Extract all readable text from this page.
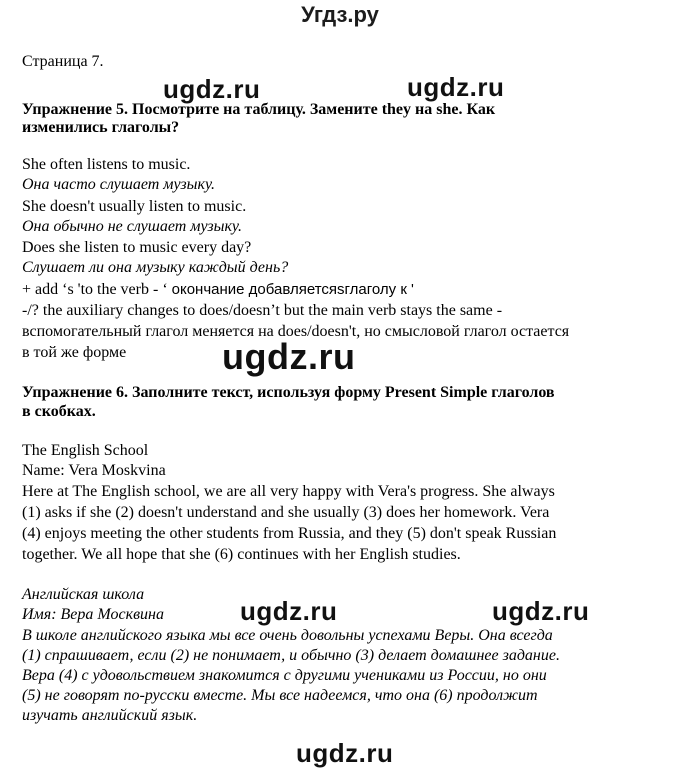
Угдз.ру
Страница 7.
ugdz.ru	ugdz.ru
Упражнение 5. Посмотрите на таблицу. Замените they на she. Как
изменились глаголы?
She often listens to music.
Она часто слушает музыку.
She doesn't usually listen to music.
Она обычно не слушает музыку.
Does she listen to music every day?
Слушает ли она музыку каждый день?
+ add ‘s 'to the verb - ‘ окончание добавляетсяsглаголу к '
-/? the auxiliary changes to does/doesn’t but the main verb stays the same -
вспомогательный глагол меняется на does/doesn't, но смысловой глагол остается
в той же форме	ugdz.ru
Упражнение 6. Заполните текст, используя форму Present Simple глаголов
в скобках.
The English School
Name: Vera Moskvina
Here at The English school, we are all very happy with Vera's progress. She always
(1) asks if she (2) doesn't understand and she usually (3) does her homework. Vera
(4) enjoys meeting the other students from Russia, and they (5) don't speak Russian
together. We all hope that she (6) continues with her English studies.
Английская школа
Имя: Вера Москвина
В школе английского языка мы все очень довольны успехами Веры. Она всегда
(1) спрашивает, если (2) не понимает, и обычно (3) делает домашнее задание.
Вера (4) с удовольствием знакомится с другими учениками из России, но они
(5) не говорят по-русски вместе. Мы все надеемся, что она (6) продолжит
изучать английский язык.
ugdz.ru	ugdz.ru
ugdz.ru
